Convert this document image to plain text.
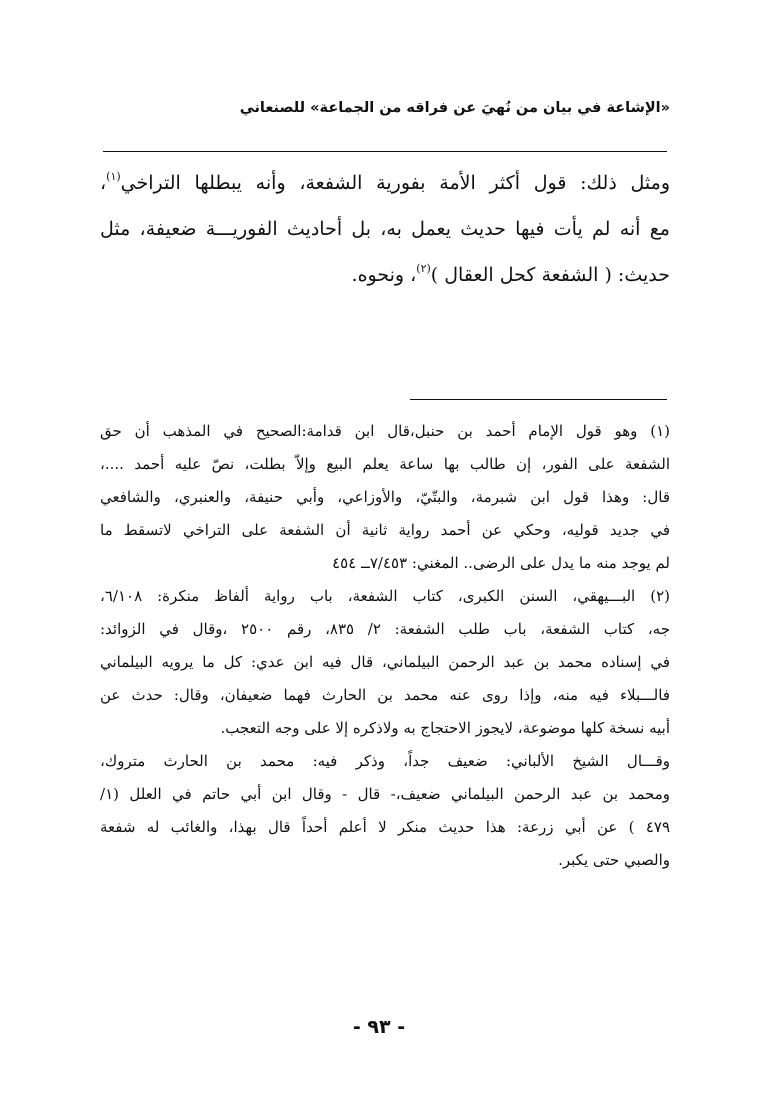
«الإشاعة في بيان من نُهيَ عن فراقه من الجماعة» للصنعاني
ومثل ذلك: قول أكثر الأمة بفورية الشفعة، وأنه يبطلها التراخي$^{(١)}$،
مع أنه لم يأت فيها حديث يعمل به، بل أحاديث الفوريـــة ضعيفة، مثل
حديث: ( الشفعة كحل العقال )$^{(٢)}$، ونحوه.
(١) وهو قول الإمام أحمد بن حنبل،قال ابن قدامة:الصحيح في المذهب أن حق
الشفعة على الفور، إن طالب بها ساعة يعلم البيع وإلاّ بطلت، نصّ عليه أحمد ....،
قال: وهذا قول ابن شبرمة، والبتّيّ، والأوزاعي، وأبي حنيفة، والعنبري، والشافعي
في جديد قوليه، وحكي عن أحمد رواية ثانية أن الشفعة على التراخي لاتسقط ما
لم يوجد منه ما يدل على الرضى.. المغني: ٧/٤٥٣ــ ٤٥٤
(٢) البـــيهقي، السنن الكبرى، كتاب الشفعة، باب رواية ألفاظ منكرة: ٦/١٠٨،
جه، كتاب الشفعة، باب طلب الشفعة: ٢/ ٨٣٥، رقم ٢٥٠٠ ،وقال في الزوائد:
في إسناده محمد بن عبد الرحمن البيلماني، قال فيه ابن عدي: كل ما يرويه البيلماني
فالـــبلاء فيه منه، وإذا روى عنه محمد بن الحارث فهما ضعيفان، وقال: حدث عن
أبيه نسخة كلها موضوعة، لايجوز الاحتجاج به ولاذكره إلا على وجه التعجب.
وقـــال الشيخ الألباني: ضعيف جداً، وذكر فيه: محمد بن الحارث متروك،
ومحمد بن عبد الرحمن البيلماني ضعيف،- قال - وقال ابن أبي حاتم في العلل (١/
٤٧٩ ) عن أبي زرعة: هذا حديث منكر لا أعلم أحداً قال بهذا، والغائب له شفعة
والصبي حتى يكبر.
- ٩٣ -
